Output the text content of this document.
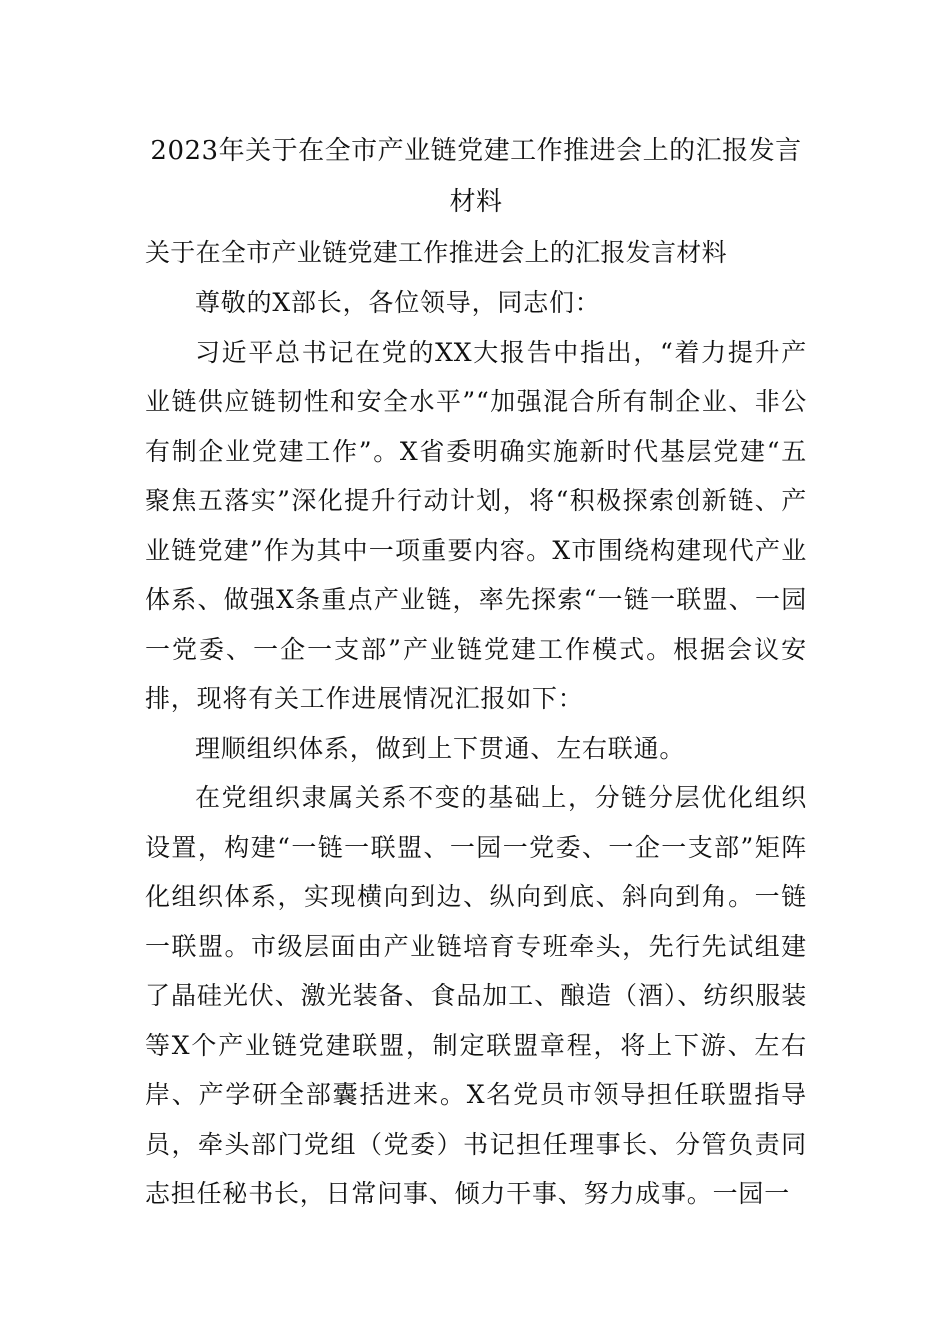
2023年关于在全市产业链党建工作推进会上的汇报发言材料

关于在全市产业链党建工作推进会上的汇报发言材料

尊敬的X部长，各位领导，同志们：

习近平总书记在党的XX大报告中指出，“着力提升产业链供应链韧性和安全水平”“加强混合所有制企业、非公有制企业党建工作”。X省委明确实施新时代基层党建“五聚焦五落实”深化提升行动计划，将“积极探索创新链、产业链党建”作为其中一项重要内容。X市围绕构建现代产业体系、做强X条重点产业链，率先探索“一链一联盟、一园一党委、一企一支部”产业链党建工作模式。根据会议安排，现将有关工作进展情况汇报如下：

理顺组织体系，做到上下贯通、左右联通。

在党组织隶属关系不变的基础上，分链分层优化组织设置，构建“一链一联盟、一园一党委、一企一支部”矩阵化组织体系，实现横向到边、纵向到底、斜向到角。一链一联盟。市级层面由产业链培育专班牵头，先行先试组建了晶硅光伏、激光装备、食品加工、酿造（酒）、纺织服装等X个产业链党建联盟，制定联盟章程，将上下游、左右岸、产学研全部囊括进来。X名党员市领导担任联盟指导员，牵头部门党组（党委）书记担任理事长、分管负责同志担任秘书长，日常问事、倾力干事、努力成事。一园一
